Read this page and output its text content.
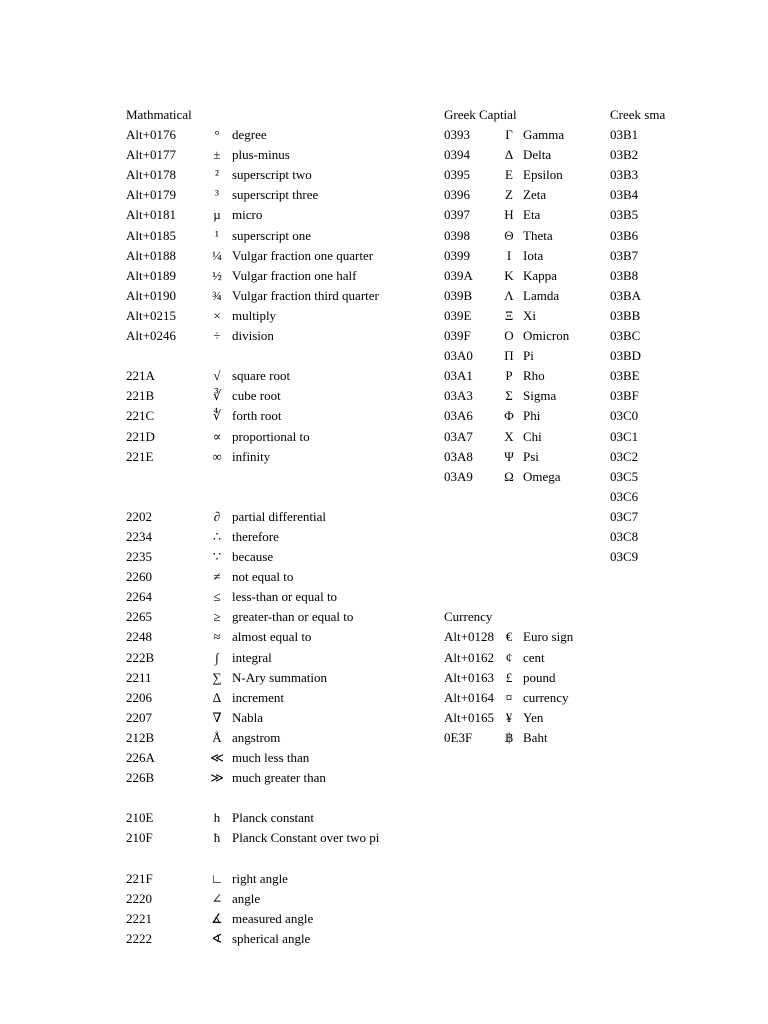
Mathmatical
Alt+0176	° degree
Alt+0177	± plus-minus
Alt+0178	²	superscript two
Alt+0179	³	superscript three
Alt+0181	µ micro
Alt+0185	¹	superscript one
Alt+0188	¼ Vulgar fraction one quarter
Alt+0189	½ Vulgar fraction one half
Alt+0190	¾ Vulgar fraction third quarter
Alt+0215	× multiply
Alt+0246	÷ division
221A	√ square root
221B	∛ cube root
221C	∜ forth root
221D	∝ proportional to
221E	∞ infinity
2202	∂ partial differential
2234	∴ therefore
2235	∵ because
2260	≠ not equal to
2264	≤ less-than or equal to
2265	≥ greater-than or equal to
2248	≈ almost equal to
222B	∫	integral
2211	∑ N-Ary summation
2206	∆ increment
2207	∇ Nabla
212B	Å angstrom
226A	≪ much less than
226B	≫ much greater than
210E	h Planck constant
210F	ħ Planck Constant over two pi
221F	∟ right angle
2220	∠ angle
2221	∡ measured angle
2222	∢ spherical angle
Greek Captial
0393	Γ Gamma
0394	Δ Delta
0395	Ε Epsilon
0396	Ζ Zeta
0397	Η Eta
0398	Θ Theta
0399	Ι Iota
039A	Κ Kappa
039B	Λ Lamda
039E	Ξ Xi
039F	Ο Omicron
03A0	Π Pi
03A1	Ρ Rho
03A3	Σ Sigma
03A6	Φ Phi
03A7	Χ Chi
03A8	Ψ Psi
03A9	Ω Omega
Currency
Alt+0128 € Euro sign
Alt+0162 ¢ cent
Alt+0163 £ pound
Alt+0164 ¤ currency
Alt+0165 ¥ Yen
0E3F	฿ Baht
Creek sma
03B1
03B2
03B3
03B4
03B5
03B6
03B7
03B8
03BA
03BB
03BC
03BD
03BE
03BF
03C0
03C1
03C2
03C5
03C6
03C7
03C8
03C9
